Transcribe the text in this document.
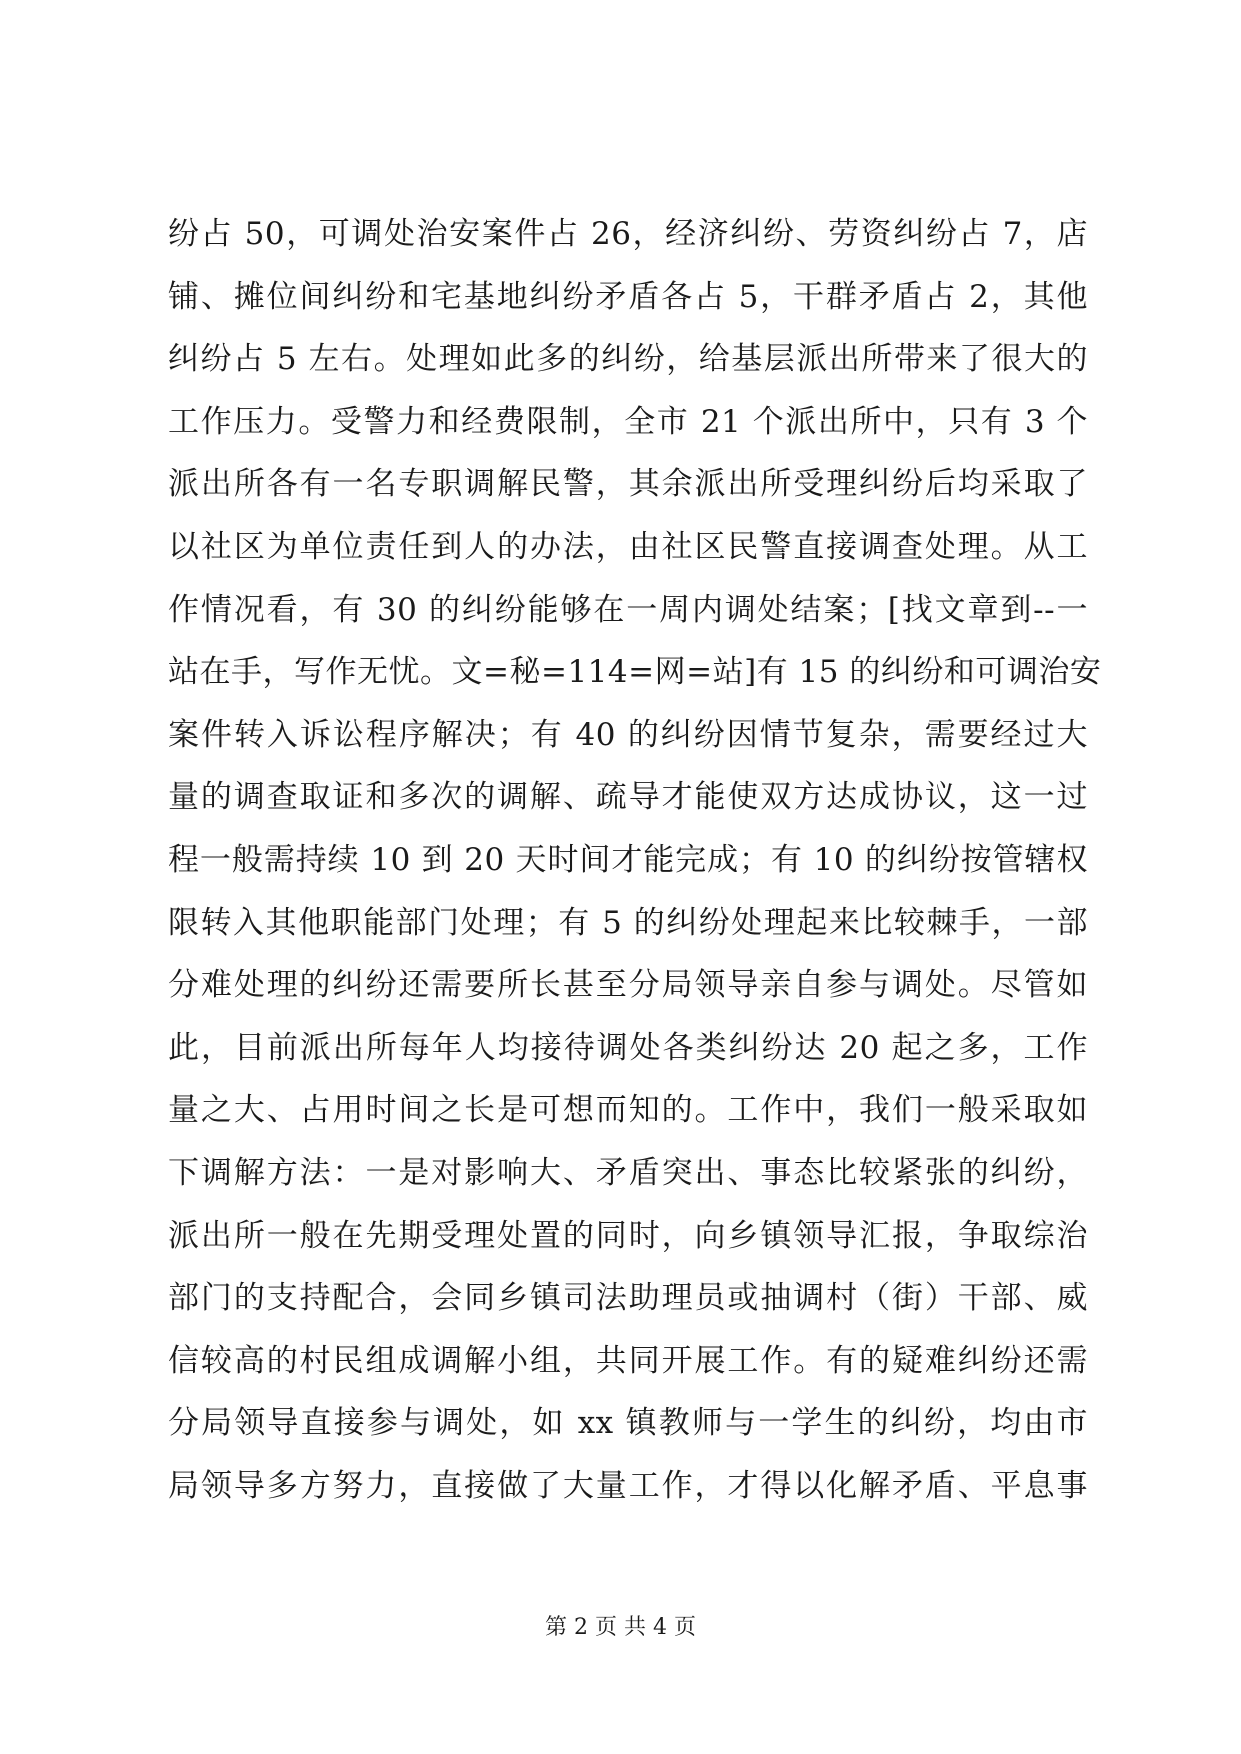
纷占 50，可调处治安案件占 26，经济纠纷、劳资纠纷占 7，店
铺、摊位间纠纷和宅基地纠纷矛盾各占 5，干群矛盾占 2，其他
纠纷占 5 左右。处理如此多的纠纷，给基层派出所带来了很大的
工作压力。受警力和经费限制，全市 21 个派出所中，只有 3 个
派出所各有一名专职调解民警，其余派出所受理纠纷后均采取了
以社区为单位责任到人的办法，由社区民警直接调查处理。从工
作情况看，有 30 的纠纷能够在一周内调处结案；[找文章到--一
站在手，写作无忧。文=秘=114=网=站]有 15 的纠纷和可调治安
案件转入诉讼程序解决；有 40 的纠纷因情节复杂，需要经过大
量的调查取证和多次的调解、疏导才能使双方达成协议，这一过
程一般需持续 10 到 20 天时间才能完成；有 10 的纠纷按管辖权
限转入其他职能部门处理；有 5 的纠纷处理起来比较棘手，一部
分难处理的纠纷还需要所长甚至分局领导亲自参与调处。尽管如
此，目前派出所每年人均接待调处各类纠纷达 20 起之多，工作
量之大、占用时间之长是可想而知的。工作中，我们一般采取如
下调解方法：一是对影响大、矛盾突出、事态比较紧张的纠纷，
派出所一般在先期受理处置的同时，向乡镇领导汇报，争取综治
部门的支持配合，会同乡镇司法助理员或抽调村（街）干部、威
信较高的村民组成调解小组，共同开展工作。有的疑难纠纷还需
分局领导直接参与调处，如 xx 镇教师与一学生的纠纷，均由市
局领导多方努力，直接做了大量工作，才得以化解矛盾、平息事
第 2 页 共 4 页
